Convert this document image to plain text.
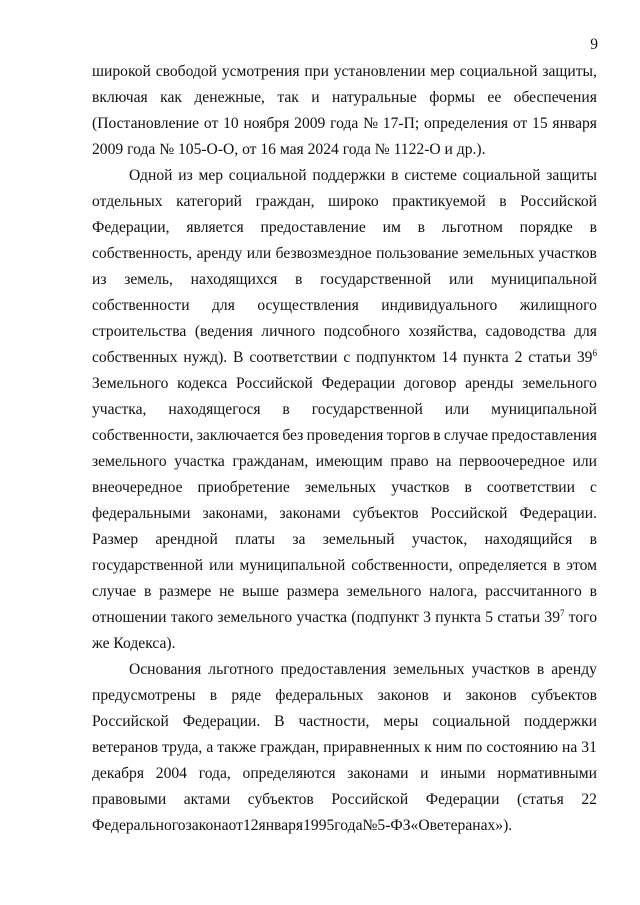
9
широкой свободой усмотрения при установлении мер социальной защиты,
включая как денежные, так и натуральные формы ее обеспечения
(Постановление от 10 ноября 2009 года № 17-П; определения от 15 января
2009 года № 105-О-О, от 16 мая 2024 года № 1122-О и др.).
Одной из мер социальной поддержки в системе социальной защиты
отдельных категорий граждан, широко практикуемой в Российской
Федерации, является предоставление им в льготном порядке в
собственность, аренду или безвозмездное пользование земельных участков
из земель, находящихся в государственной или муниципальной
собственности для осуществления индивидуального жилищного
строительства (ведения личного подсобного хозяйства, садоводства для
собственных нужд). В соответствии с подпунктом 14 пункта 2 статьи $39^6$
Земельного кодекса Российской Федерации договор аренды земельного
участка, находящегося в государственной или муниципальной
собственности, заключается без проведения торгов в случае предоставления
земельного участка гражданам, имеющим право на первоочередное или
внеочередное приобретение земельных участков в соответствии с
федеральными законами, законами субъектов Российской Федерации.
Размер арендной платы за земельный участок, находящийся в
государственной или муниципальной собственности, определяется в этом
случае в размере не выше размера земельного налога, рассчитанного в
отношении такого земельного участка (подпункт 3 пункта 5 статьи $39^7$ того
же Кодекса).
Основания льготного предоставления земельных участков в аренду
предусмотрены в ряде федеральных законов и законов субъектов
Российской Федерации. В частности, меры социальной поддержки
ветеранов труда, а также граждан, приравненных к ним по состоянию на 31
декабря 2004 года, определяются законами и иными нормативными
правовыми актами субъектов Российской Федерации (статья 22
Федерального закона от 12 января 1995 года № 5-ФЗ «О ветеранах»).
